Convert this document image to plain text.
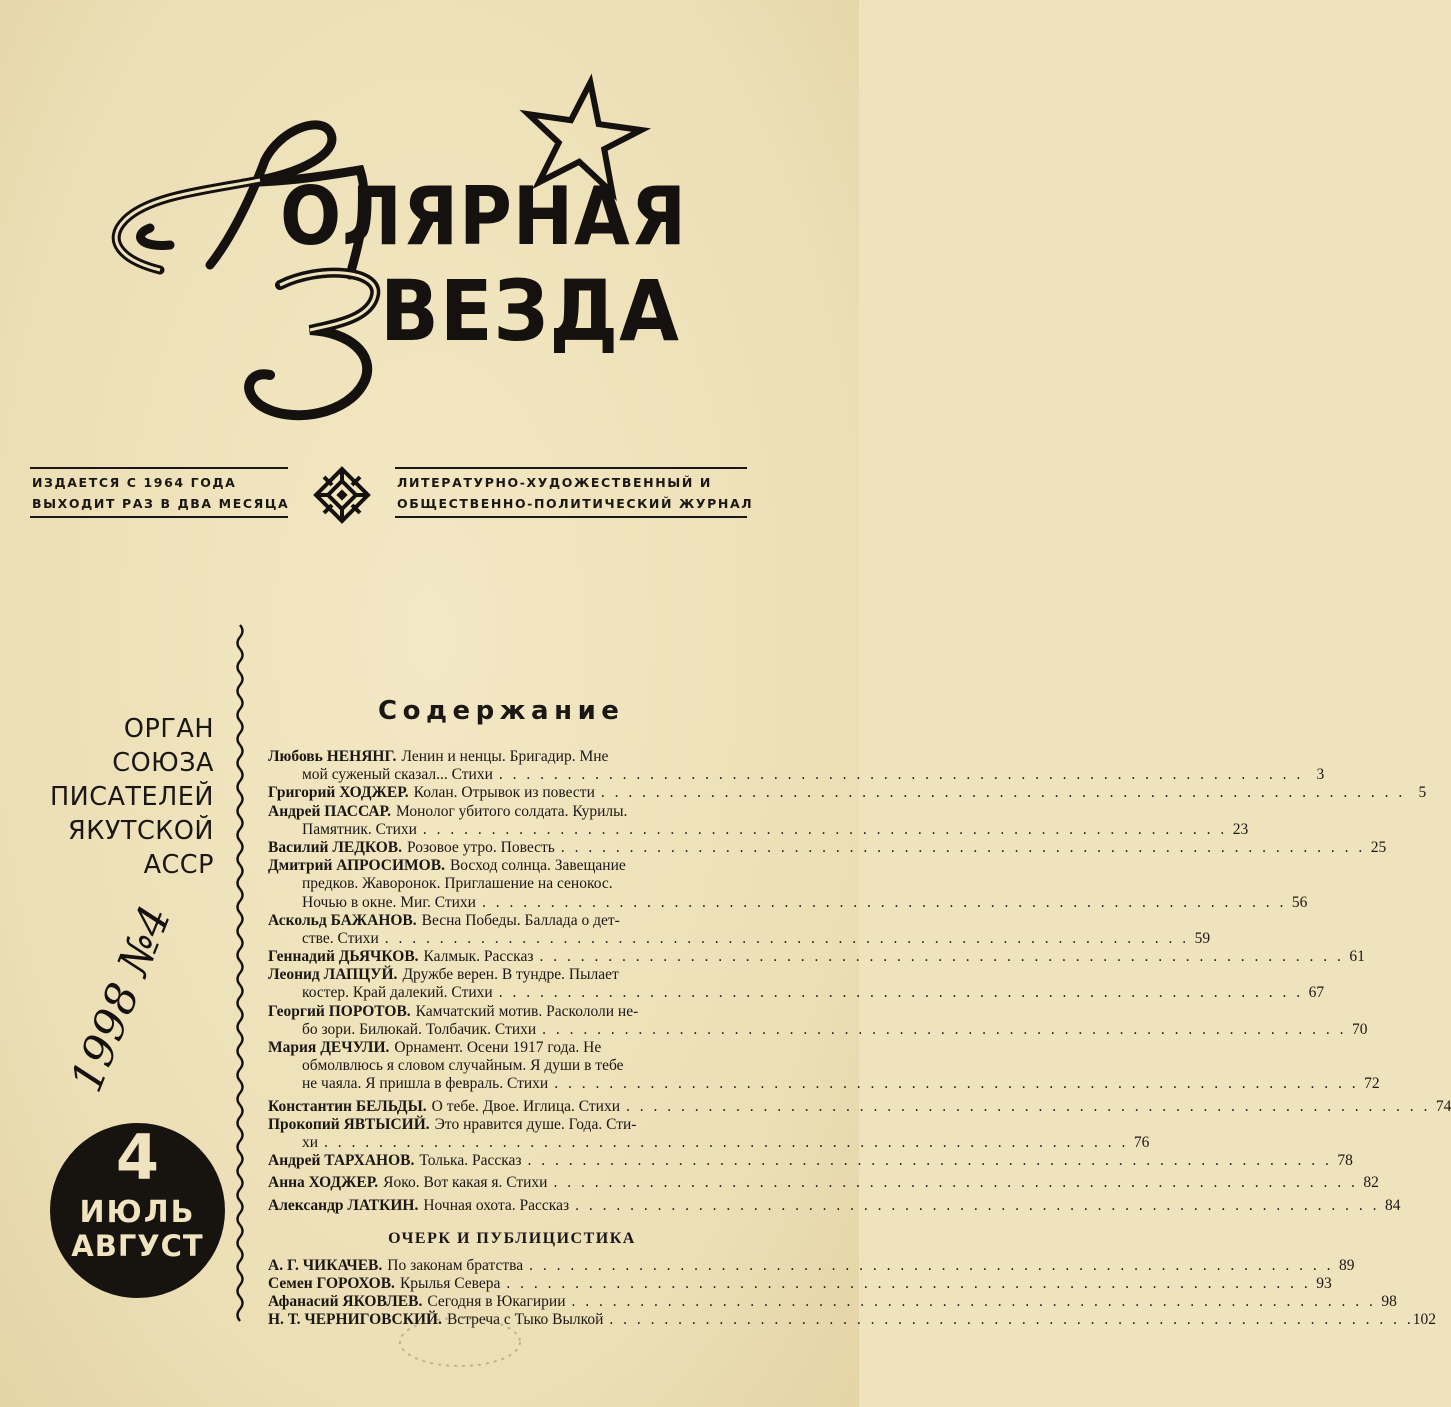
ОЛЯРНАЯ
ВЕЗДА
ИЗДАЕТСЯ С 1964 ГОДА
ВЫХОДИТ РАЗ В ДВА МЕСЯЦА
ЛИТЕРАТУРНО-ХУДОЖЕСТВЕННЫЙ И
ОБЩЕСТВЕННО-ПОЛИТИЧЕСКИЙ ЖУРНАЛ
ОРГАН
СОЮЗА
ПИСАТЕЛЕЙ
ЯКУТСКОЙ
АССР
1998 №4
4
ИЮЛЬ
АВГУСТ
Содержание
Любовь НЕНЯНГ. Ленин и ненцы. Бригадир. Мне
мой суженый сказал... Стихи . . .	3
Григорий ХОДЖЕР. Колан. Отрывок из повести . . .	5
Андрей ПАССАР. Монолог убитого солдата. Курилы.
Памятник. Стихи . . .	23
Василий ЛЕДКОВ. Розовое утро. Повесть . . .	25
Дмитрий АПРОСИМОВ. Восход солнца. Завещание
предков. Жаворонок. Приглашение на сенокос.
Ночью в окне. Миг. Стихи . . .	56
Аскольд БАЖАНОВ. Весна Победы. Баллада о дет-
стве. Стихи . . .	59
Геннадий ДЬЯЧКОВ. Калмык. Рассказ . . .	61
Леонид ЛАПЦУЙ. Дружбе верен. В тундре. Пылает
костер. Край далекий. Стихи . . .	67
Георгий ПОРОТОВ. Камчатский мотив. Раскололи не-
бо зори. Билюкай. Толбачик. Стихи . . .	70
Мария ДЕЧУЛИ. Орнамент. Осени 1917 года. Не
обмолвлюсь я словом случайным. Я души в тебе
не чаяла. Я пришла в февраль. Стихи . . .	72
Константин БЕЛЬДЫ. О тебе. Двое. Иглица. Стихи . . .	74
Прокопий ЯВТЫСИЙ. Это нравится душе. Года. Сти-
хи . . .	76
Андрей ТАРХАНОВ. Толька. Рассказ . . .	78
Анна ХОДЖЕР. Яоко. Вот какая я. Стихи . . .	82
Александр ЛАТКИН. Ночная охота. Рассказ . . .	84
ОЧЕРК И ПУБЛИЦИСТИКА
А. Г. ЧИКАЧЕВ. По законам братства . . .	89
Семен ГОРОХОВ. Крылья Севера . . .	93
Афанасий ЯКОВЛЕВ. Сегодня в Юкагирии . . .	98
Н. Т. ЧЕРНИГОВСКИЙ. Встреча с Тыко Вылкой . . .	102
